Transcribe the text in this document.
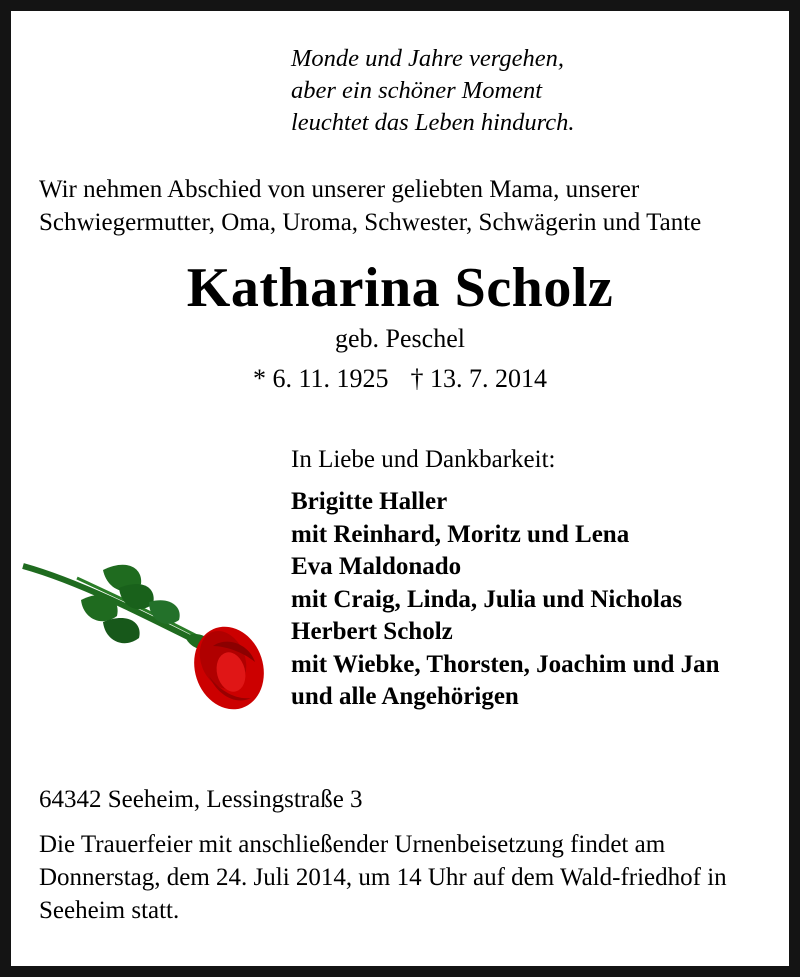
Monde und Jahre vergehen,
aber ein schöner Moment
leuchtet das Leben hindurch.
Wir nehmen Abschied von unserer geliebten Mama, unserer Schwiegermutter, Oma, Uroma, Schwester, Schwägerin und Tante
Katharina Scholz
geb. Peschel
* 6. 11. 1925 † 13. 7. 2014
In Liebe und Dankbarkeit:
Brigitte Haller
mit Reinhard, Moritz und Lena
Eva Maldonado
mit Craig, Linda, Julia und Nicholas
Herbert Scholz
mit Wiebke, Thorsten, Joachim und Jan
und alle Angehörigen
64342 Seeheim, Lessingstraße 3
Die Trauerfeier mit anschließender Urnenbeisetzung findet am Donnerstag, dem 24. Juli 2014, um 14 Uhr auf dem Wald-friedhof in Seeheim statt.
